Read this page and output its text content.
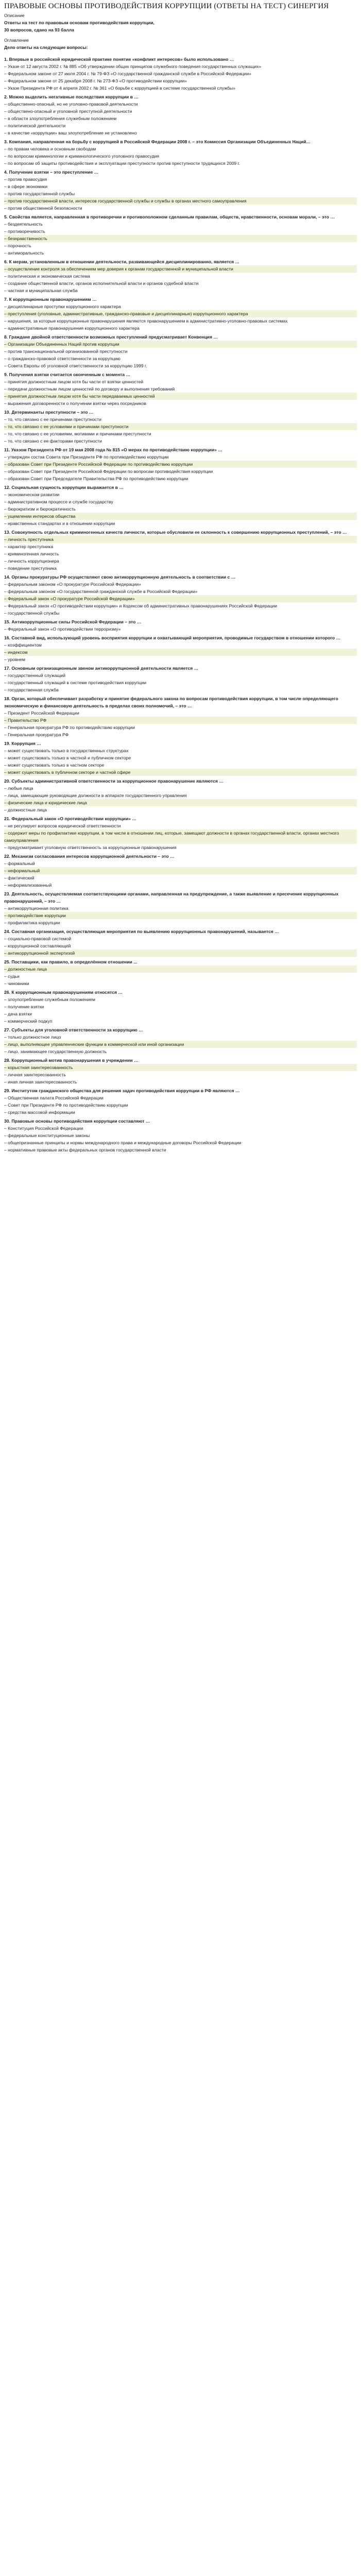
ПРАВОВЫЕ ОСНОВЫ ПРОТИВОДЕЙСТВИЯ КОРРУПЦИИ (ОТВЕТЫ НА ТЕСТ) СИНЕРГИЯ
Описание
Ответы на тест по правовым основам противодействия коррупции,
30 вопросов, сдано на 93 балла
Оглавление
Дело ответы на следующие вопросы:
1. Впервые в российской юридической практике понятие «конфликт интересов» было использовано …
– Указе от 12 августа 2002 г. № 885 «Об утверждении общих принципов служебного поведения государственных служащих»
– Федеральном законе от 27 июля 2004 г. № 79-ФЗ «О государственной гражданской службе в Российской Федерации»
– Федеральном законе от 25 декабря 2008 г. № 273-ФЗ «О противодействии коррупции»
– Указе Президента РФ от 4 апреля 2002 г. № 361 «О борьбе с коррупцией в системе государственной службы»
2. Можно выделить негативные последствия коррупции в …
– общественно-опасный, но не уголовно-правовой деятельности
– обществено-опасный и уголовной преступной деятельности
– в области злоупотребления служебным положением
– политической деятельности
– в качестве «коррупции» ваш злоупотребление не установлено
3. Компания, направленная на борьбу с коррупцией в Российской Федерации 2008 г. – это Комиссия Организации Объединенных Наций…
– по правам человека и основным свободам
– по вопросам криминологии и криминологического уголовного правосудия
– по вопросам об защиты противодействия и эксплуатации преступности против преступности трудящихся 2009 г.
4. Получение взятки – это преступление …
– против правосудия
– в сфере экономики
– против государственной службы
– против государственной власти, интересов государственной службы и службы в органах местного самоуправления
– против общественной безопасности
5. Свойства является, направленная в противоречии и противоположном сделанным правилам, обществ, нравственности, основам морали, – это …
– бездеятельность
– противоречивость
– безнравственность
– порочность
– антиморальность
6. К мерам, установленным в отношении деятельности, развивающейся дисциплинированно, является …
– осуществление контроля за обеспечением мер доверия к органам государственной и муниципальной власти
– политическая и экономическая система
– создание общественной власти, органов исполнительной власти и органов судебной власти
– частная и муниципальная служба
7. К коррупционным правонарушениям …
– дисциплинарные проступки коррупционного характера
– преступления (уголовные, административные, гражданско-правовые и дисциплинарные) коррупционного характера
– нарушения, за которые коррупционные правонарушения являются правонарушением в административно-уголовно-правовых системах
– административные правонарушения коррупционного характера
8. Граждане двойной ответственности возможных преступлений предусматривает Конвенция …
– Организации Объединенных Наций против коррупции
– против транснациональной организованной преступности
– о гражданско-правовой ответственности за коррупцию
– Совета Европы об уголовной ответственности за коррупцию 1999 г.
9. Получения взятки считается оконченным с момента …
– принятия должностным лицом хотя бы части от взятки ценностей
– передачи должностным лицом ценностей по договору и выполнения требований
– принятия должностным лицом хотя бы части передаваемых ценностей
– выражения договоренности о получении взятки через посредников
10. Детерминанты преступности – это …
– то, что связано с ее причинами преступности
– то, что связано с ее условиями и причинами преступности
– то, что связано с ее условиями, мотивами и причинами преступности
– то, что связано с ее факторами преступности
11. Указом Президента РФ от 19 мая 2008 года № 815 «О мерах по противодействию коррупции» …
– утвержден состав Совета при Президенте РФ по противодействию коррупции
– образован Совет при Президенте Российской Федерации по противодействию коррупции
– образован Совет при Президенте Российской Федерации по вопросам противодействия коррупции
– образован Совет при Председателе Правительства РФ по противодействию коррупции
12. Социальная сущность коррупции выражается в …
– экономическом развитии
– административном процессе и службе государству
– бюрократизм и бюрократичность
– ущемлении интересов общества
– нравственных стандартах и в отношении коррупции
13. Совокупность отдельных криминогенных качеств личности, которые обусловили ее склонность к совершению коррупционных преступлений, – это …
– личность преступника
– характер преступника
– криминогенная личность
– личность коррупционера
– поведение преступника
14. Органы прокуратуры РФ осуществляют свою антикоррупционную деятельность в соответствии с …
– федеральным законом «О прокуратуре Российской Федерации»
– федеральным законом «О государственной гражданской службе в Российской Федерации»
– Федеральный закон «О прокуратуре Российской Федерации»
– Федеральный закон «О противодействии коррупции» и Кодексом об административных правонарушениях Российской Федерации
– государственной службы
15. Антикоррупционные силы Российской Федерации – это …
– Федеральный закон «О противодействии терроризму»
16. Составной вид, использующий уровень восприятия коррупции и охватывающий мероприятия, проводимые государством в отношении которого …
– коэффициентом
– индексом
– уровнем
17. Основным организационным звеном антикоррупционной деятельности является …
– государственный служащий
– государственный служащий в системе противодействия коррупции
– государственная служба
18. Орган, который обеспечивает разработку и принятие федерального закона по вопросам противодействия коррупции, в том числе определяющего экономическую и финансовую деятельность в пределах своих полномочий, – это …
– Президент Российской Федерации
– Правительство РФ
– Генеральная прокуратура РФ по противодействию коррупции
– Генеральная прокуратура РФ
19. Коррупция …
– может существовать только в государственных структурах
– может существовать только в частной и публичном секторе
– может существовать только в частном секторе
– может существовать в публичном секторе и частной сфере
20. Субъекты административной ответственности за коррупционное правонарушение являются …
– любые лица
– лица, замещающие руководящие должности в аппарате государственного управления
– физические лица и юридические лица
– должностные лица
21. Федеральный закон «О противодействии коррупции» …
– не регулирует вопросов юридической ответственности
– содержит меры по профилактике коррупции, в том числе в отношении лиц, которые, замещают должности в органах государственной власти, органах местного самоуправления
– предусматривает уголовную ответственность за коррупционные правонарушения
22. Механизм согласования интересов коррупционной деятельности – это …
– формальный
– неформальный
– фактический
– неформализованный
23. Деятельность, осуществляемая соответствующими органами, направленная на предупреждение, а также выявление и пресечение коррупционных правонарушений, – это …
– антикоррупционная политика
– противодействие коррупции
– профилактика коррупции
24. Составная организация, осуществляющая мероприятия по выявлению коррупционных правонарушений, называется …
– социально-правовой системой
– коррупционной составляющей
– антикоррупционной экспертизой
25. Поставщики, как правило, в определённом отношении ...
– должностные лица
– судьи
– чиновники
26. К коррупционным правонарушениям относятся …
– злоупотребление служебным положением
– получение взятки
– дача взятки
– коммерческий подкуп
27. Субъекты для уголовной ответственности за коррупцию …
– только должностное лицо
– лицо, выполняющее управленческие функции в коммерческой или иной организации
– лицо, занимающее государственную должность
28. Коррупционный мотив правонарушения в учреждении …
– корыстная заинтересованность
– личная заинтересованность
– иная личная заинтересованность
29. Институтом гражданского общества для решения задач противодействия коррупции в РФ являются …
– Общественная палата Российской Федерации
– Совет при Президенте РФ по противодействию коррупции
– средства массовой информации
30. Правовые основы противодействия коррупции составляют …
– Конституция Российской Федерации
– федеральные конституционные законы
– общепризнанные принципы и нормы международного права и международные договоры Российской Федерации
– нормативные правовые акты федеральных органов государственной власти
